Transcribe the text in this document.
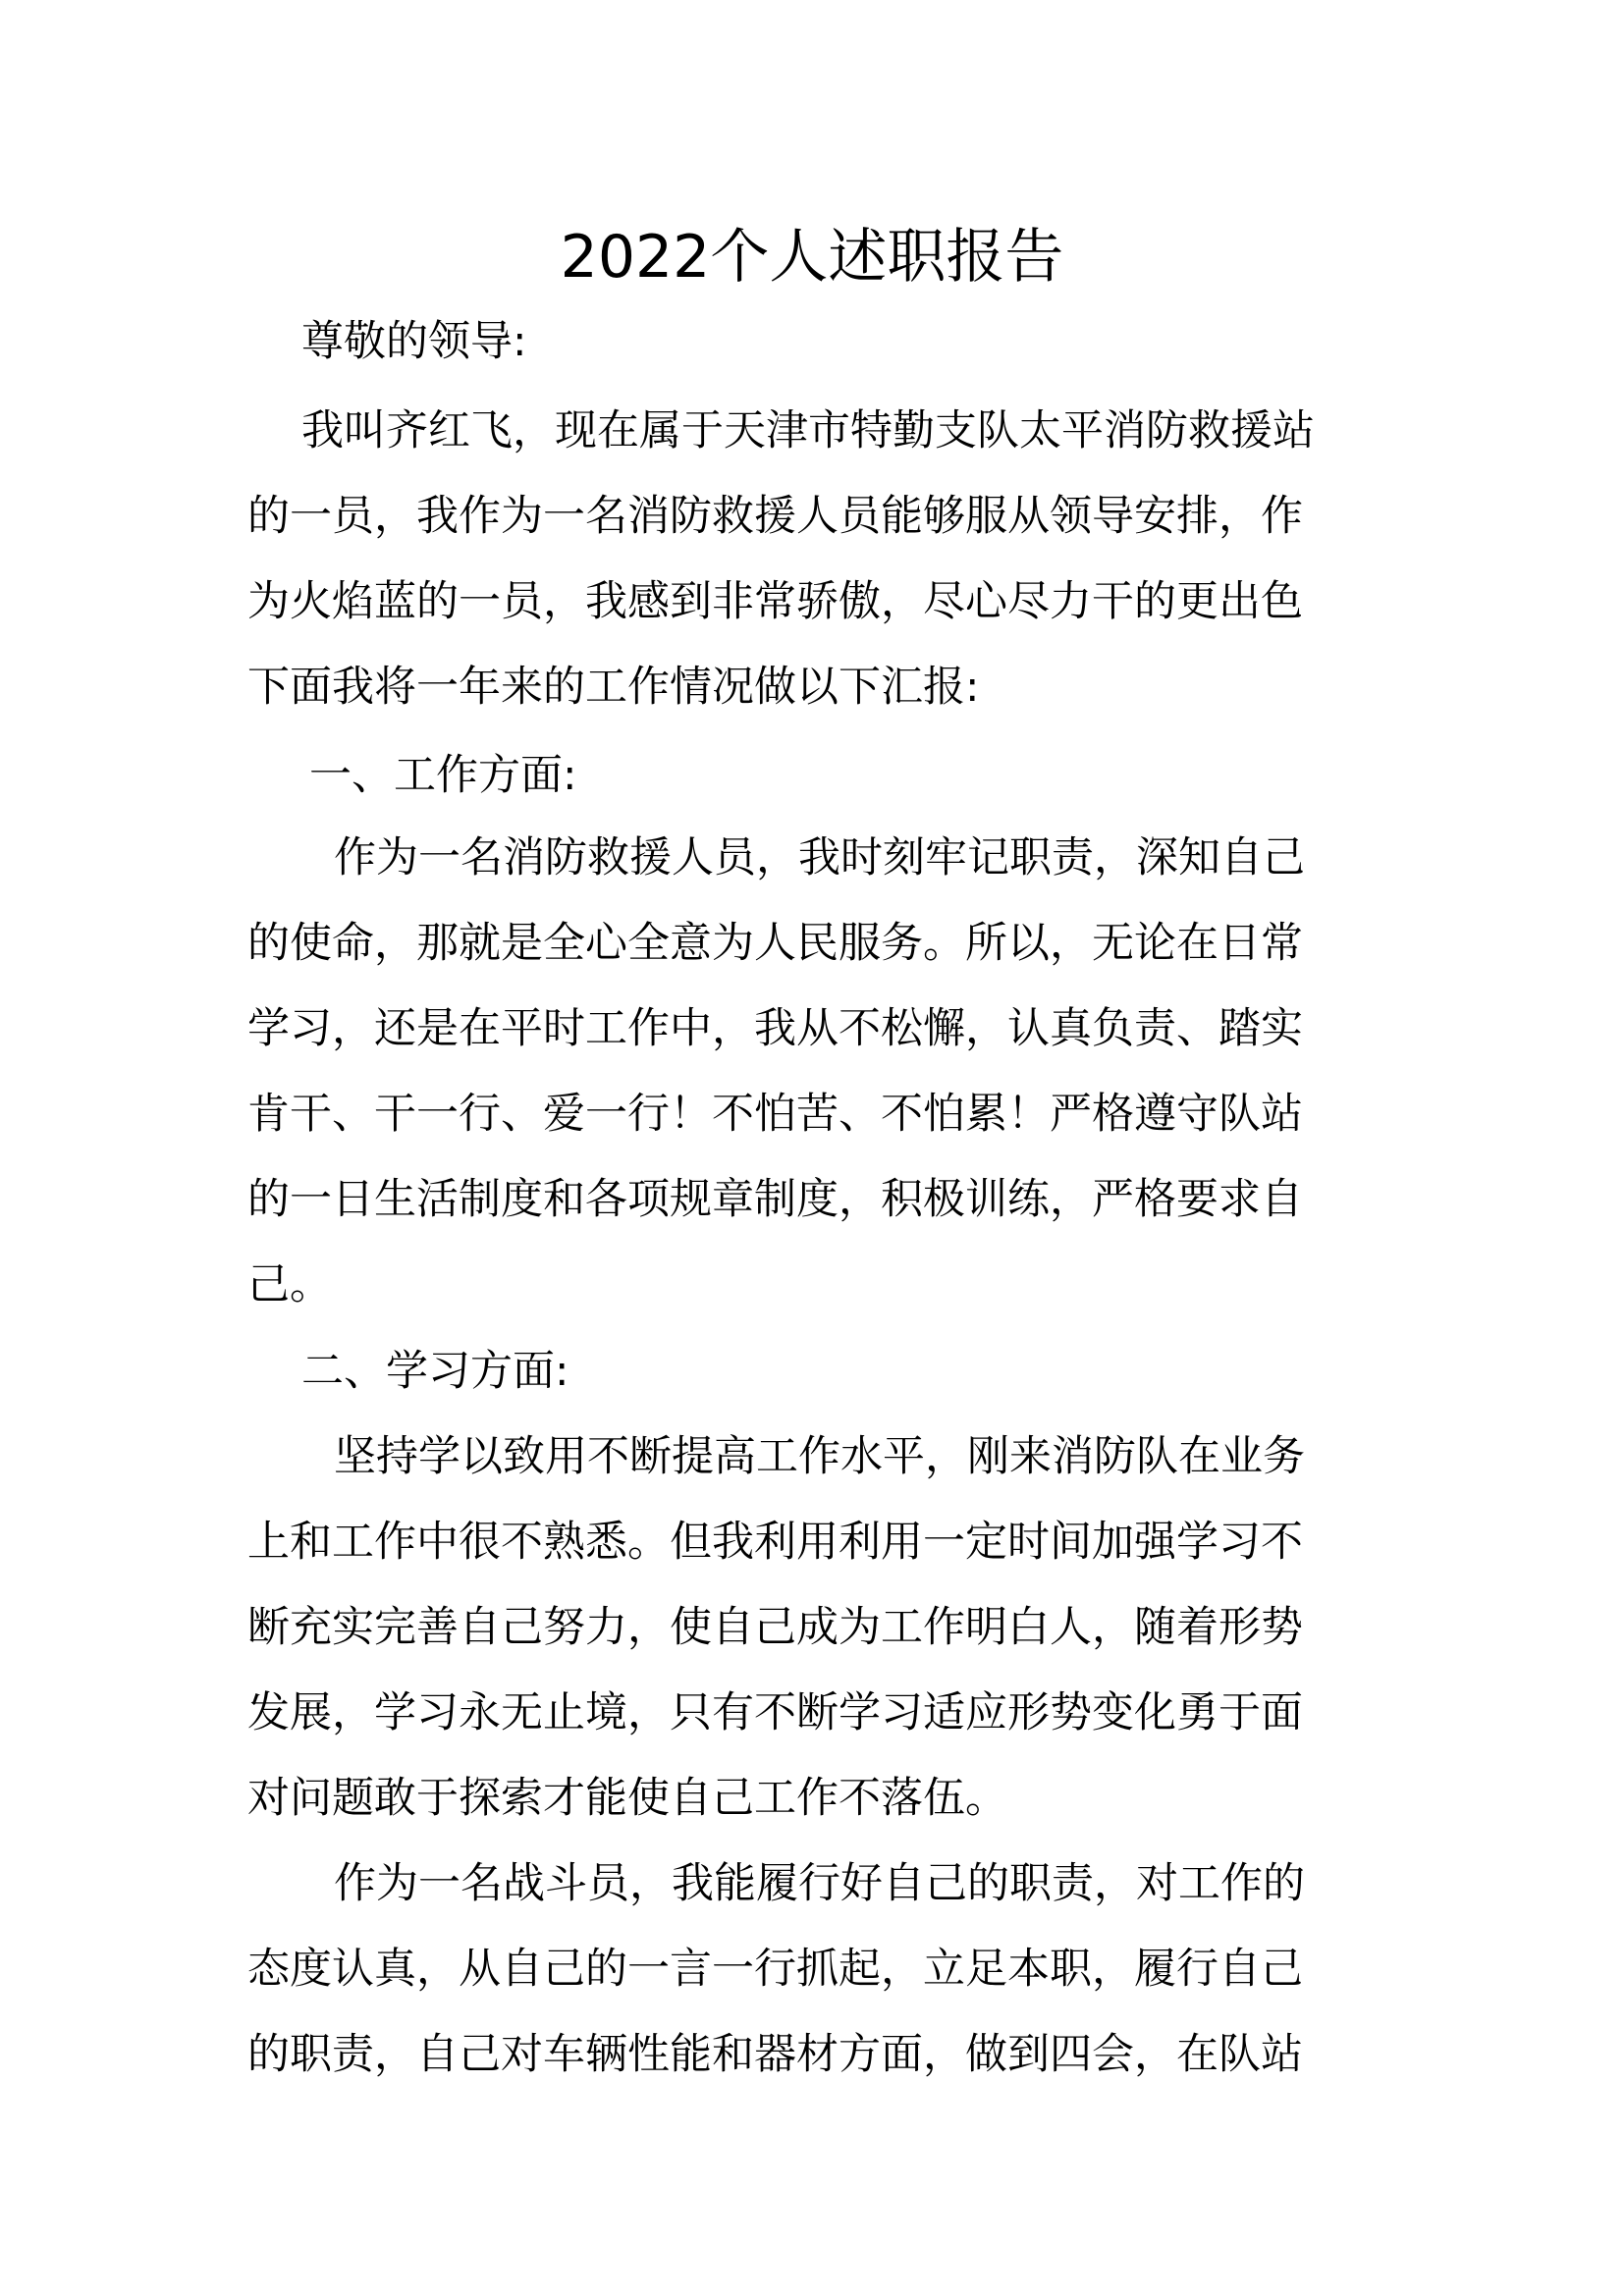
2022个人述职报告

尊敬的领导:

我叫齐红飞，现在属于天津市特勤支队太平消防救援站

的一员，我作为一名消防救援人员能够服从领导安排，作

为火焰蓝的一员，我感到非常骄傲，尽心尽力干的更出色

下面我将一年来的工作情况做以下汇报:

一、工作方面:

作为一名消防救援人员，我时刻牢记职责，深知自己

的使命，那就是全心全意为人民服务。所以，无论在日常

学习，还是在平时工作中，我从不松懈，认真负责、踏实

肯干、干一行、爱一行！不怕苦、不怕累！严格遵守队站

的一日生活制度和各项规章制度，积极训练，严格要求自

己。

二、学习方面:

坚持学以致用不断提高工作水平，刚来消防队在业务

上和工作中很不熟悉。但我利用利用一定时间加强学习不

断充实完善自己努力，使自己成为工作明白人，随着形势

发展，学习永无止境，只有不断学习适应形势变化勇于面

对问题敢于探索才能使自己工作不落伍。

作为一名战斗员，我能履行好自己的职责，对工作的

态度认真，从自己的一言一行抓起，立足本职，履行自己

的职责，自己对车辆性能和器材方面，做到四会，在队站
